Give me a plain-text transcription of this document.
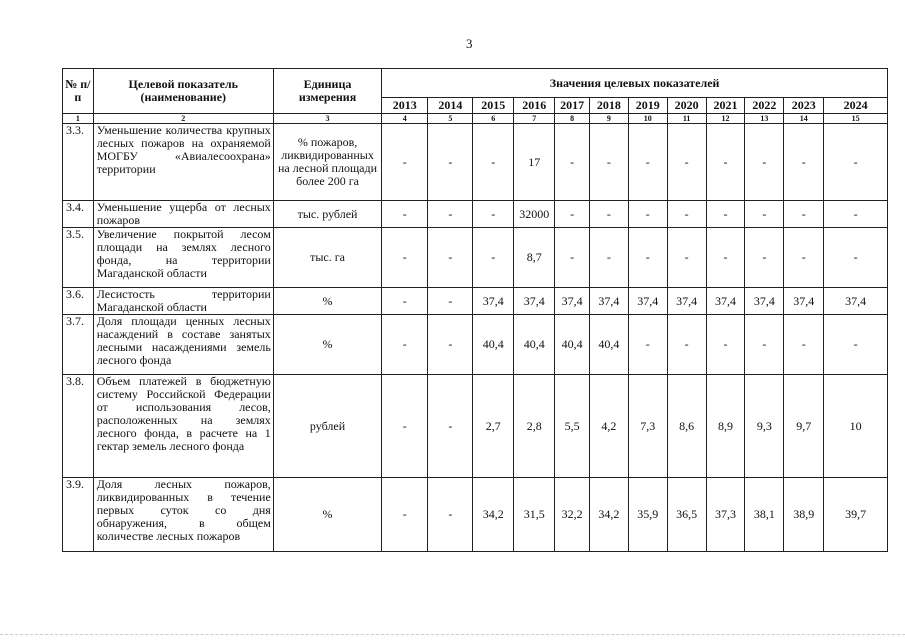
3
№ п/п	Целевой показатель (наименование)	Единица измерения	Значения целевых показателей											
			2013	2014	2015	2016	2017	2018	2019	2020	2021	2022	2023	2024
1	2	3	4	5	6	7	8	9	10	11	12	13	14	15
3.3.	Уменьшение количества крупных лесных пожаров на охраняемой МОГБУ «Авиалесоохрана» территории	% пожаров, ликвидированных на лесной площади более 200 га	-	-	-	17	-	-	-	-	-	-	-	-
3.4.	Уменьшение ущерба от лесных пожаров	тыс. рублей	-	-	-	32000	-	-	-	-	-	-	-	-
3.5.	Увеличение покрытой лесом площади на землях лесного фонда, на территории Магаданской области	тыс. га	-	-	-	8,7	-	-	-	-	-	-	-	-
3.6.	Лесистость территории Магаданской области	%	-	-	37,4	37,4	37,4	37,4	37,4	37,4	37,4	37,4	37,4	37,4
3.7.	Доля площади ценных лесных насаждений в составе занятых лесными насаждениями земель лесного фонда	%	-	-	40,4	40,4	40,4	40,4	-	-	-	-	-	-
3.8.	Объем платежей в бюджетную систему Российской Федерации от использования лесов, расположенных на землях лесного фонда, в расчете на 1 гектар земель лесного фонда	рублей	-	-	2,7	2,8	5,5	4,2	7,3	8,6	8,9	9,3	9,7	10
3.9.	Доля лесных пожаров, ликвидированных в течение первых суток со дня обнаружения, в общем количестве лесных пожаров	%	-	-	34,2	31,5	32,2	34,2	35,9	36,5	37,3	38,1	38,9	39,7
